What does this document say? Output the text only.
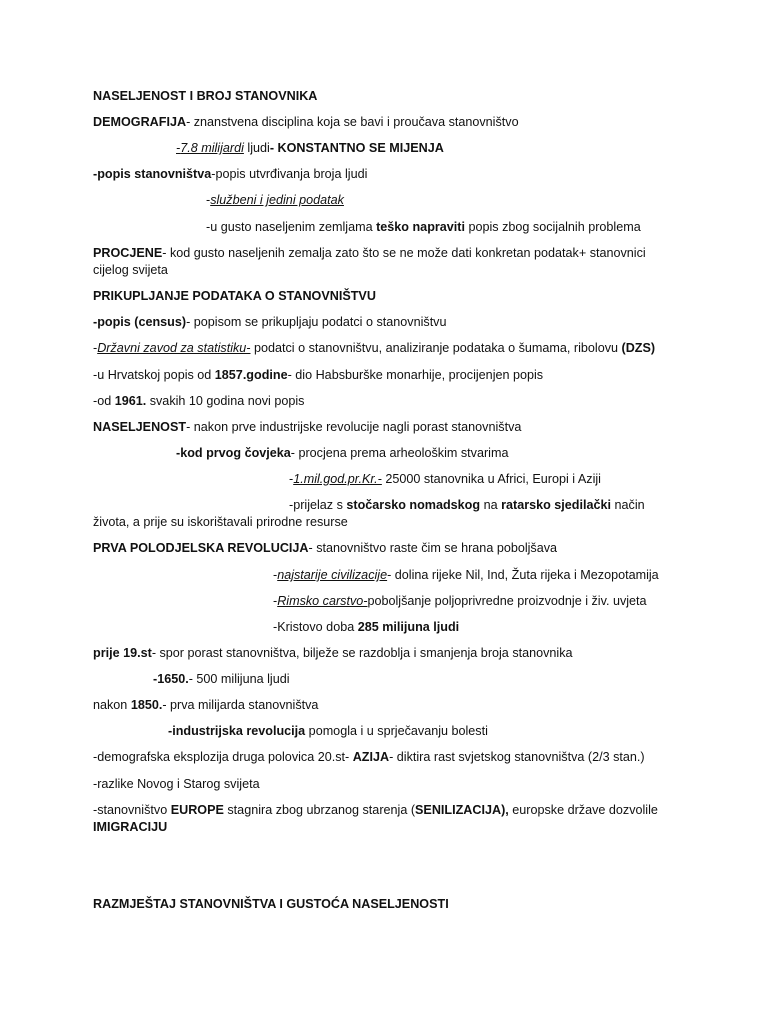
NASELJENOST I BROJ STANOVNIKA
DEMOGRAFIJA- znanstvena disciplina koja se bavi i proučava stanovništvo
-7.8 milijardi ljudi- KONSTANTNO SE MIJENJA
-popis stanovništva-popis utvrđivanja broja ljudi
-službeni i jedini podatak
-u gusto naseljenim zemljama teško napraviti popis zbog socijalnih problema
PROCJENE- kod gusto naseljenih zemalja zato što se ne može dati konkretan podatak+ stanovnici cijelog svijeta
PRIKUPLJANJE PODATAKA O STANOVNIŠTVU
-popis (census)- popisom se prikupljaju podatci o stanovništvu
-Državni zavod za statistiku- podatci o stanovništvu, analiziranje podataka o šumama, ribolovu (DZS)
-u Hrvatskoj popis od 1857.godine- dio Habsburške monarhije, procijenjen popis
-od 1961. svakih 10 godina novi popis
NASELJENOST- nakon prve industrijske revolucije nagli porast stanovništva
-kod prvog čovjeka- procjena prema arheološkim stvarima
-1.mil.god.pr.Kr.- 25000 stanovnika u Africi, Europi i Aziji
-prijelaz s stočarsko nomadskog na ratarsko sjedilački način
života, a prije su iskorištavali prirodne resurse
PRVA POLODJELSKA REVOLUCIJA- stanovništvo raste čim se hrana poboljšava
-najstarije civilizacije- dolina rijeke Nil, Ind, Žuta rijeka i Mezopotamija
-Rimsko carstvo-poboljšanje poljoprivredne proizvodnje i živ. uvjeta
-Kristovo doba 285 milijuna ljudi
prije 19.st- spor porast stanovništva, bilježe se razdoblja i smanjenja broja stanovnika
-1650.- 500 milijuna ljudi
nakon 1850.- prva milijarda stanovništva
-industrijska revolucija pomogla i u sprječavanju bolesti
-demografska eksplozija druga polovica 20.st- AZIJA- diktira rast svjetskog stanovništva (2/3 stan.)
-razlike Novog i Starog svijeta
-stanovništvo EUROPE stagnira zbog ubrzanog starenja (SENILIZACIJA), europske države dozvolile IMIGRACIJU
RAZMJEŠTAJ STANOVNIŠTVA I GUSTOĆA NASELJENOSTI
